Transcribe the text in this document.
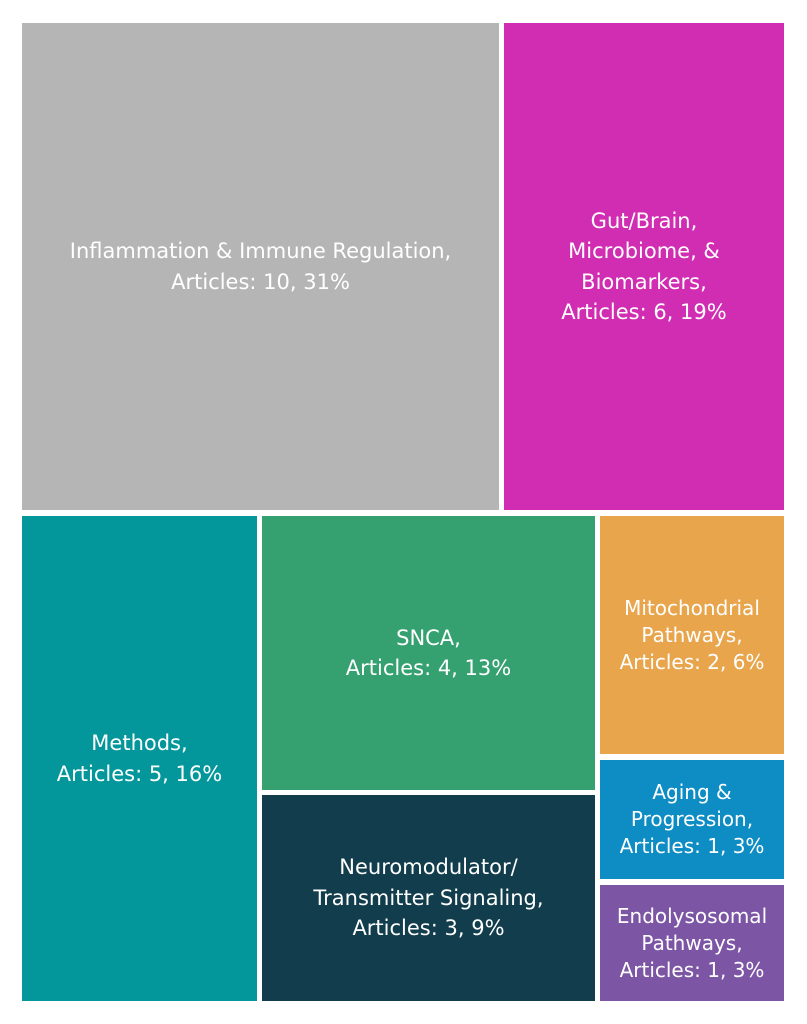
Inflammation & Immune Regulation,
Articles: 10, 31%
Gut/Brain,
Microbiome, &
Biomarkers,
Articles: 6, 19%
Methods,
Articles: 5, 16%
SNCA,
Articles: 4, 13%
Neuromodulator/
Transmitter Signaling,
Articles: 3, 9%
Mitochondrial
Pathways,
Articles: 2, 6%
Aging &
Progression,
Articles: 1, 3%
Endolysosomal
Pathways,
Articles: 1, 3%
